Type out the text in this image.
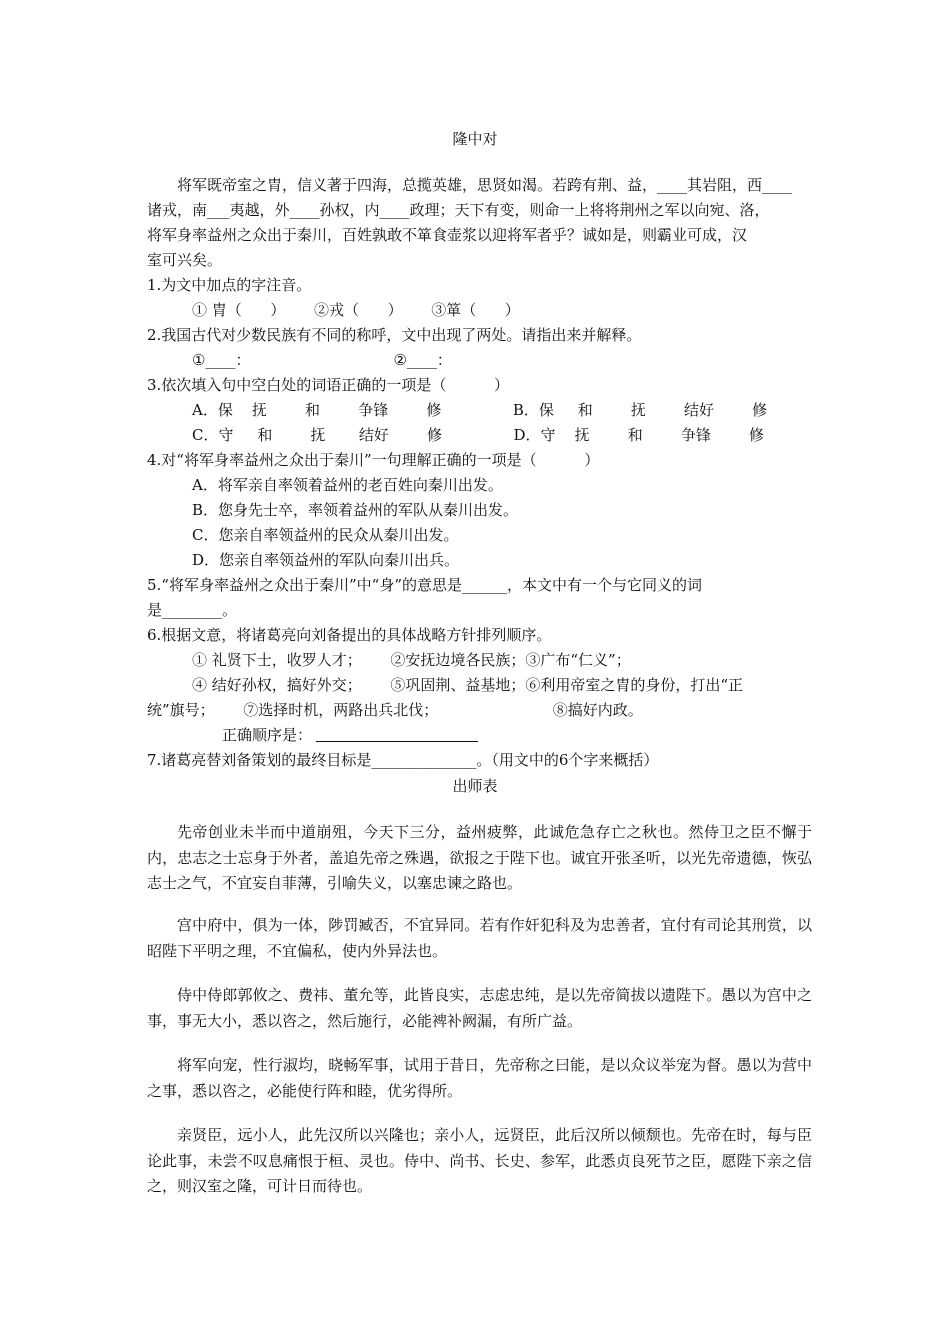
隆中对
将军既帝室之胄，信义著于四海，总揽英雄，思贤如渴。若跨有荆、益，____其岩阻，西____
诸戎，南___夷越，外____孙权，内____政理；天下有变，则命一上将将荆州之军以向宛、洛，
将军身率益州之众出于秦川，百姓孰敢不箪食壶浆以迎将军者乎？诚如是，则霸业可成，汉
室可兴矣。
1.为文中加点的字注音。
① 胄（      ）      ②戎（      ）      ③箪（      ）
2.我国古代对少数民族有不同的称呼，文中出现了两处。请指出来并解释。
①____：                              ②____：
3.依次填入句中空白处的词语正确的一项是（          ）
A．保    抚        和        争锋        修               B．保     和        抚        结好        修
C．守     和        抚       结好        修               D．守    抚        和        争锋        修
4.对“将军身率益州之众出于秦川”一句理解正确的一项是（          ）
A．将军亲自率领着益州的老百姓向秦川出发。
B．您身先士卒，率领着益州的军队从秦川出发。
C．您亲自率领益州的民众从秦川出发。
D．您亲自率领益州的军队向秦川出兵。
5.“将军身率益州之众出于秦川”中“身”的意思是______，本文中有一个与它同义的词
是________。
6.根据文意，将诸葛亮向刘备提出的具体战略方针排列顺序。
① 礼贤下士，收罗人才；      ②安抚边境各民族；③广布“仁义”；
④ 结好孙权，搞好外交；      ⑤巩固荆、益基地；⑥利用帝室之胄的身份，打出“正
统”旗号；      ⑦选择时机，两路出兵北伐；                        ⑧搞好内政。
正确顺序是：
7.诸葛亮替刘备策划的最终目标是______________。（用文中的6个字来概括）
出师表
先帝创业未半而中道崩殂，今天下三分，益州疲弊，此诚危急存亡之秋也。然侍卫之臣不懈于内，忠志之士忘身于外者，盖追先帝之殊遇，欲报之于陛下也。诚宜开张圣听，以光先帝遗德，恢弘志士之气，不宜妄自菲薄，引喻失义，以塞忠谏之路也。
宫中府中，俱为一体，陟罚臧否，不宜异同。若有作奸犯科及为忠善者，宜付有司论其刑赏，以昭陛下平明之理，不宜偏私，使内外异法也。
侍中侍郎郭攸之、费祎、董允等，此皆良实，志虑忠纯，是以先帝简拔以遗陛下。愚以为宫中之事，事无大小，悉以咨之，然后施行，必能裨补阙漏，有所广益。
将军向宠，性行淑均，晓畅军事，试用于昔日，先帝称之曰能，是以众议举宠为督。愚以为营中之事，悉以咨之，必能使行阵和睦，优劣得所。
亲贤臣，远小人，此先汉所以兴隆也；亲小人，远贤臣，此后汉所以倾颓也。先帝在时，每与臣论此事，未尝不叹息痛恨于桓、灵也。侍中、尚书、长史、参军，此悉贞良死节之臣，愿陛下亲之信之，则汉室之隆，可计日而待也。
